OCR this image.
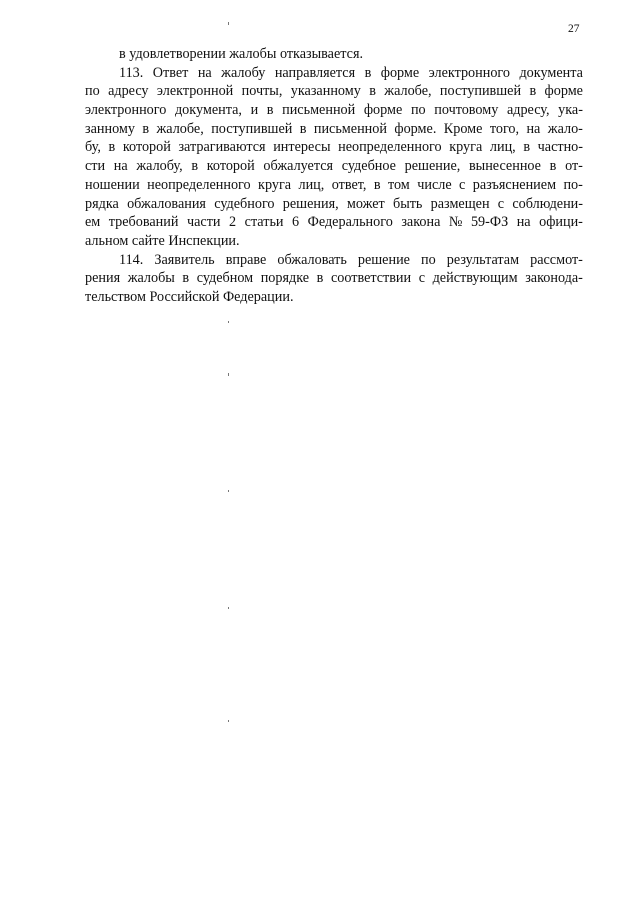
27
в удовлетворении жалобы отказывается.
113. Ответ на жалобу направляется в форме электронного документа
по адресу электронной почты, указанному в жалобе, поступившей в форме
электронного документа, и в письменной форме по почтовому адресу, ука-
занному в жалобе, поступившей в письменной форме. Кроме того, на жало-
бу, в которой затрагиваются интересы неопределенного круга лиц, в частно-
сти на жалобу, в которой обжалуется судебное решение, вынесенное в от-
ношении неопределенного круга лиц, ответ, в том числе с разъяснением по-
рядка обжалования судебного решения, может быть размещен с соблюдени-
ем требований части 2 статьи 6 Федерального закона № 59-ФЗ на офици-
альном сайте Инспекции.
114. Заявитель вправе обжаловать решение по результатам рассмот-
рения жалобы в судебном порядке в соответствии с действующим законода-
тельством Российской Федерации.
